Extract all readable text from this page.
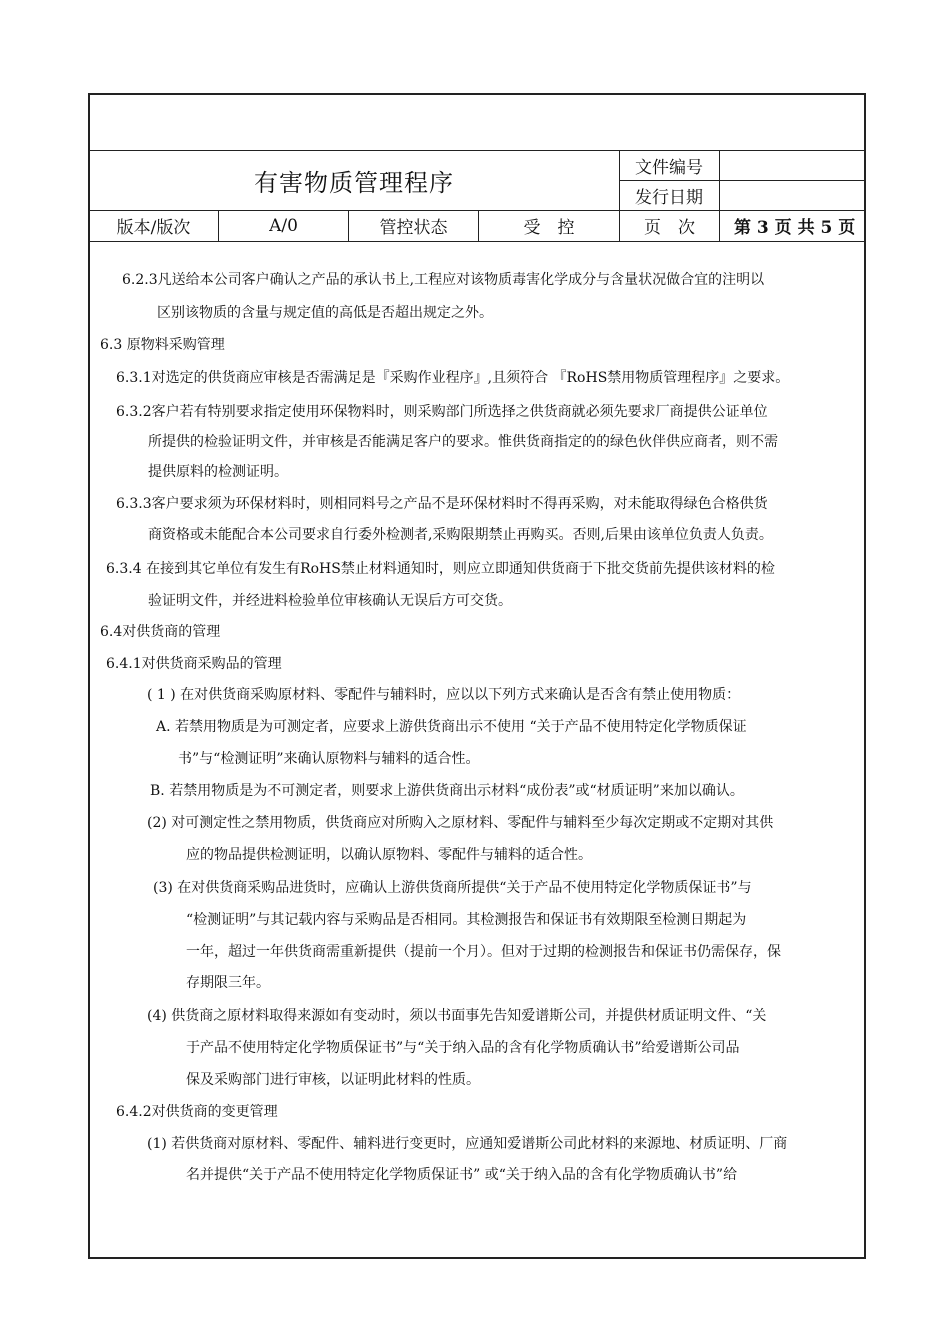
有害物质管理程序
文件编号
发行日期
版本/版次	A/0	管控状态	受　控	页　次	第 3 页 共 5 页
6.2.3凡送给本公司客户确认之产品的承认书上,工程应对该物质毒害化学成分与含量状况做合宜的注明以
区别该物质的含量与规定值的高低是否超出规定之外。
6.3 原物料采购管理
6.3.1对选定的供货商应审核是否需满足是『采购作业程序』,且须符合 『RoHS禁用物质管理程序』之要求。
6.3.2客户若有特别要求指定使用环保物料时，则采购部门所选择之供货商就必须先要求厂商提供公证单位
所提供的检验证明文件，并审核是否能满足客户的要求。惟供货商指定的的绿色伙伴供应商者，则不需
提供原料的检测证明。
6.3.3客户要求须为环保材料时，则相同料号之产品不是环保材料时不得再采购，对未能取得绿色合格供货
商资格或未能配合本公司要求自行委外检测者,采购限期禁止再购买。否则,后果由该单位负责人负责。
6.3.4 在接到其它单位有发生有RoHS禁止材料通知时，则应立即通知供货商于下批交货前先提供该材料的检
验证明文件，并经进料检验单位审核确认无误后方可交货。
6.4对供货商的管理
6.4.1对供货商采购品的管理
( 1 ) 在对供货商采购原材料、零配件与辅料时，应以以下列方式来确认是否含有禁止使用物质：
A. 若禁用物质是为可测定者，应要求上游供货商出示不使用 “关于产品不使用特定化学物质保证
书”与“检测证明”来确认原物料与辅料的适合性。
B. 若禁用物质是为不可测定者，则要求上游供货商出示材料“成份表”或“材质证明”来加以确认。
(2) 对可测定性之禁用物质，供货商应对所购入之原材料、零配件与辅料至少每次定期或不定期对其供
应的物品提供检测证明，以确认原物料、零配件与辅料的适合性。
(3) 在对供货商采购品进货时，应确认上游供货商所提供“关于产品不使用特定化学物质保证书”与
“检测证明”与其记载内容与采购品是否相同。其检测报告和保证书有效期限至检测日期起为
一年，超过一年供货商需重新提供（提前一个月）。但对于过期的检测报告和保证书仍需保存，保
存期限三年。
(4) 供货商之原材料取得来源如有变动时，须以书面事先告知爱谱斯公司，并提供材质证明文件、“关
于产品不使用特定化学物质保证书”与“关于纳入品的含有化学物质确认书”给爱谱斯公司品
保及采购部门进行审核，以证明此材料的性质。
6.4.2对供货商的变更管理
(1) 若供货商对原材料、零配件、辅料进行变更时，应通知爱谱斯公司此材料的来源地、材质证明、厂商
名并提供“关于产品不使用特定化学物质保证书” 或“关于纳入品的含有化学物质确认书”给
